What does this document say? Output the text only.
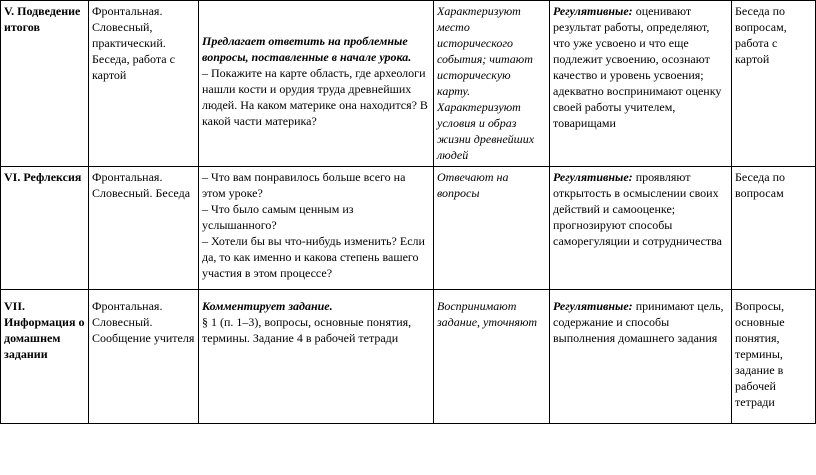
V. Подведение итогов	Фронтальная. Словесный, практический. Беседа, работа с картой	Предлагает ответить на проблемные вопросы, поставленные в начале урока.
– Покажите на карте область, где археологи нашли кости и орудия труда древнейших людей. На каком материке она находится? В какой части материка?	Характеризуют место исторического события; читают историческую карту. Характеризуют условия и образ жизни древнейших людей	Регулятивные: оценивают результат работы, определяют, что уже усвоено и что еще подлежит усвоению, осознают качество и уровень усвоения; адекватно воспринимают оценку своей работы учителем, товарищами	Беседа по вопросам, работа с картой
VI. Рефлексия	Фронтальная. Словесный. Беседа	– Что вам понравилось больше всего на этом уроке?
– Что было самым ценным из услышанного?
– Хотели бы вы что-нибудь изменить? Если да, то как именно и какова степень вашего участия в этом процессе?	Отвечают на вопросы	Регулятивные: проявляют открытость в осмыслении своих действий и самооценке; прогнозируют способы саморегуляции и сотрудничества	Беседа по вопросам

VII. Информация о домашнем задании	Фронтальная. Словесный. Сообщение учителя	Комментирует задание.
§ 1 (п. 1–3), вопросы, основные понятия, термины. Задание 4 в рабочей тетради	Воспринимают задание, уточняют	Регулятивные: принимают цель, содержание и способы выполнения домашнего задания	Вопросы, основные понятия, термины, задание в рабочей тетради
